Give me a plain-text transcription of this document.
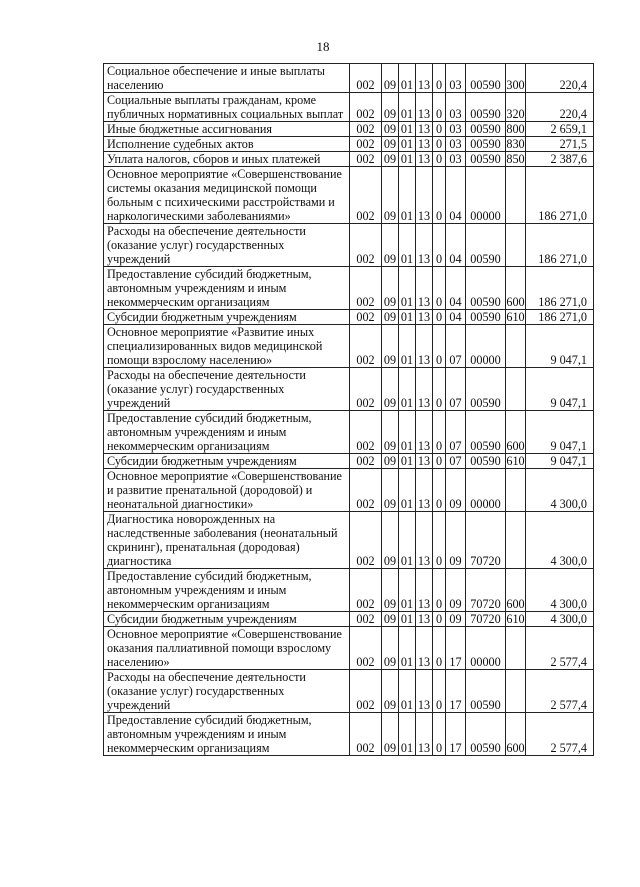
18
Социальное обеспечение и иные выплаты населению	002	09	01	13	0	03	00590	300	220,4
Социальные выплаты гражданам, кроме публичных нормативных социальных выплат	002	09	01	13	0	03	00590	320	220,4
Иные бюджетные ассигнования	002	09	01	13	0	03	00590	800	2 659,1
Исполнение судебных актов	002	09	01	13	0	03	00590	830	271,5
Уплата налогов, сборов и иных платежей	002	09	01	13	0	03	00590	850	2 387,6
Основное мероприятие «Совершенствование системы оказания медицинской помощи больным с психическими расстройствами и наркологическими заболеваниями»	002	09	01	13	0	04	00000		186 271,0
Расходы на обеспечение деятельности (оказание услуг) государственных учреждений	002	09	01	13	0	04	00590		186 271,0
Предоставление субсидий бюджетным, автономным учреждениям и иным некоммерческим организациям	002	09	01	13	0	04	00590	600	186 271,0
Субсидии бюджетным учреждениям	002	09	01	13	0	04	00590	610	186 271,0
Основное мероприятие «Развитие иных специализированных видов медицинской помощи взрослому населению»	002	09	01	13	0	07	00000		9 047,1
Расходы на обеспечение деятельности (оказание услуг) государственных учреждений	002	09	01	13	0	07	00590		9 047,1
Предоставление субсидий бюджетным, автономным учреждениям и иным некоммерческим организациям	002	09	01	13	0	07	00590	600	9 047,1
Субсидии бюджетным учреждениям	002	09	01	13	0	07	00590	610	9 047,1
Основное мероприятие «Совершенствование и развитие пренатальной (дородовой) и неонатальной диагностики»	002	09	01	13	0	09	00000		4 300,0
Диагностика новорожденных на наследственные заболевания (неонатальный скрининг), пренатальная (дородовая) диагностика	002	09	01	13	0	09	70720		4 300,0
Предоставление субсидий бюджетным, автономным учреждениям и иным некоммерческим организациям	002	09	01	13	0	09	70720	600	4 300,0
Субсидии бюджетным учреждениям	002	09	01	13	0	09	70720	610	4 300,0
Основное мероприятие «Совершенствование оказания паллиативной помощи взрослому населению»	002	09	01	13	0	17	00000		2 577,4
Расходы на обеспечение деятельности (оказание услуг) государственных учреждений	002	09	01	13	0	17	00590		2 577,4
Предоставление субсидий бюджетным, автономным учреждениям и иным некоммерческим организациям	002	09	01	13	0	17	00590	600	2 577,4
